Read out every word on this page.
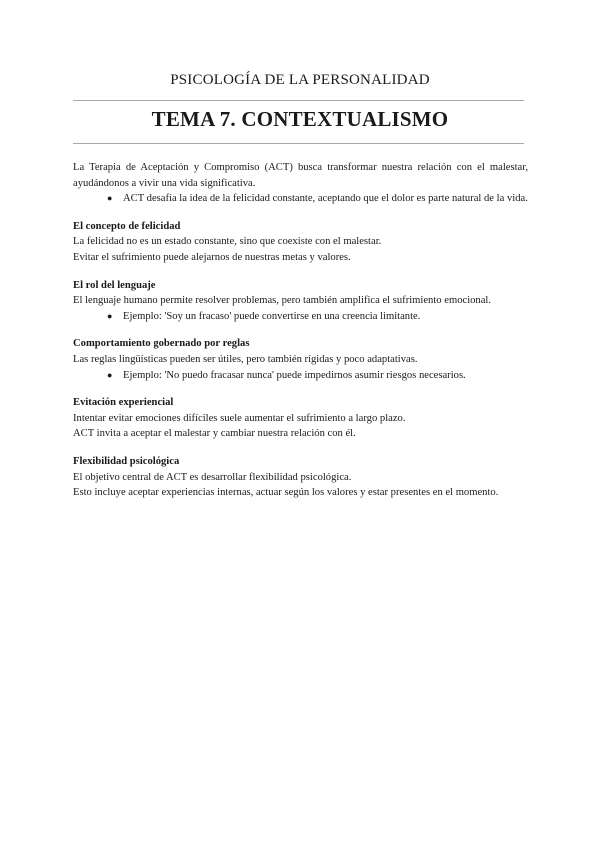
PSICOLOGÍA DE LA PERSONALIDAD
TEMA 7. CONTEXTUALISMO

La Terapia de Aceptación y Compromiso (ACT) busca transformar nuestra relación con el malestar, ayudándonos a vivir una vida significativa.

● ACT desafía la idea de la felicidad constante, aceptando que el dolor es parte natural de la vida.
El concepto de felicidad

La felicidad no es un estado constante, sino que coexiste con el malestar.

Evitar el sufrimiento puede alejarnos de nuestras metas y valores.

El rol del lenguaje

El lenguaje humano permite resolver problemas, pero también amplifica el sufrimiento emocional.

● Ejemplo: 'Soy un fracaso' puede convertirse en una creencia limitante.
Comportamiento gobernado por reglas

Las reglas lingüísticas pueden ser útiles, pero también rígidas y poco adaptativas.

● Ejemplo: 'No puedo fracasar nunca' puede impedirnos asumir riesgos necesarios.
Evitación experiencial

Intentar evitar emociones difíciles suele aumentar el sufrimiento a largo plazo.

ACT invita a aceptar el malestar y cambiar nuestra relación con él.

Flexibilidad psicológica

El objetivo central de ACT es desarrollar flexibilidad psicológica.

Esto incluye aceptar experiencias internas, actuar según los valores y estar presentes en el momento.
